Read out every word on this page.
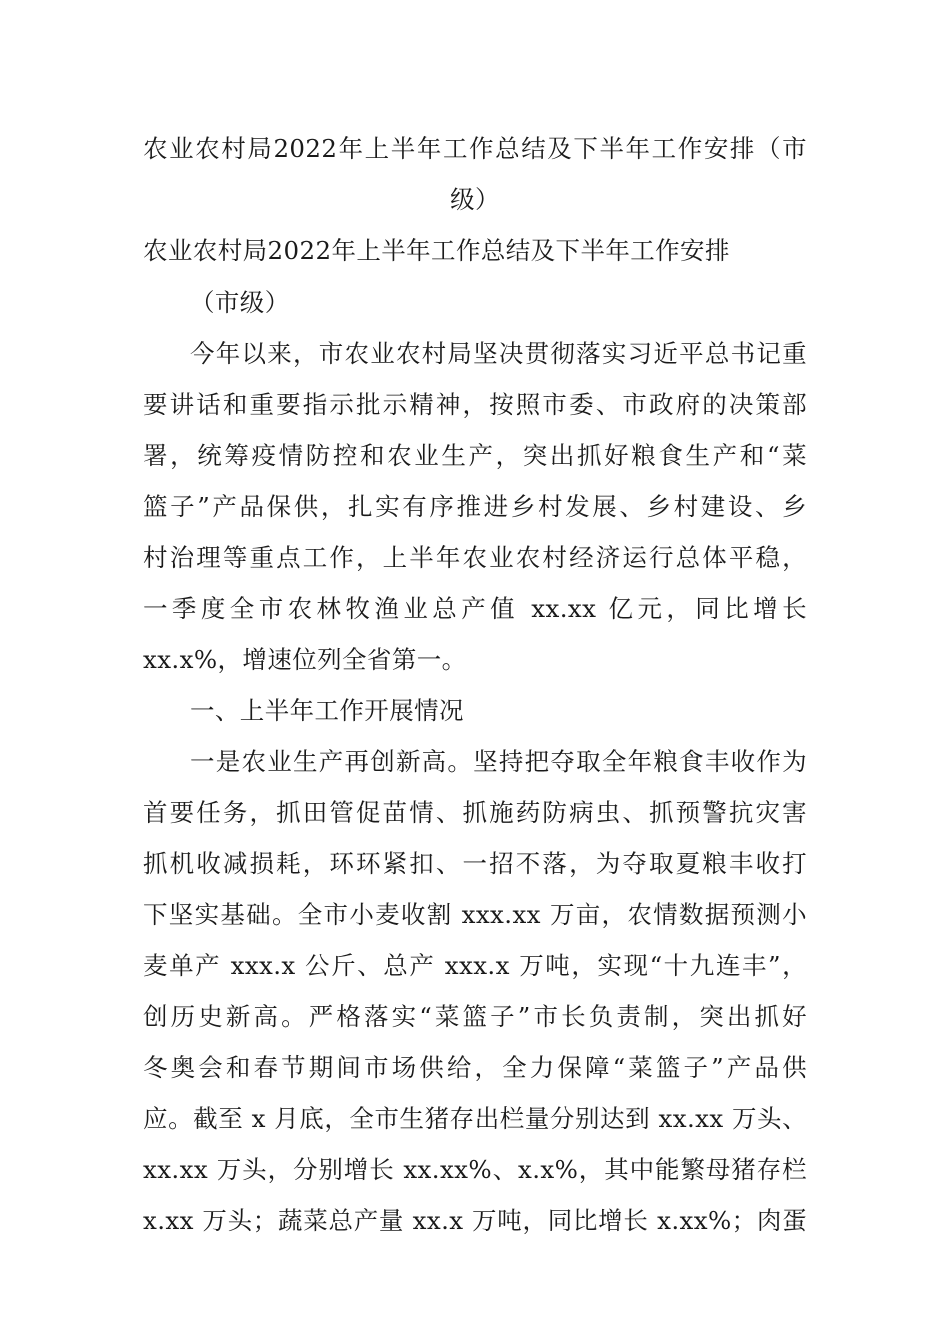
农业农村局2022年上半年工作总结及下半年工作安排（市
级）
农业农村局2022年上半年工作总结及下半年工作安排
（市级）
今年以来，市农业农村局坚决贯彻落实习近平总书记重
要讲话和重要指示批示精神，按照市委、市政府的决策部
署，统筹疫情防控和农业生产，突出抓好粮食生产和“菜
篮子”产品保供，扎实有序推进乡村发展、乡村建设、乡
村治理等重点工作，上半年农业农村经济运行总体平稳，
一季度全市农林牧渔业总产值 xx.xx 亿元，同比增长
xx.x%，增速位列全省第一。
一、上半年工作开展情况
一是农业生产再创新高。坚持把夺取全年粮食丰收作为
首要任务，抓田管促苗情、抓施药防病虫、抓预警抗灾害
抓机收减损耗，环环紧扣、一招不落，为夺取夏粮丰收打
下坚实基础。全市小麦收割 xxx.xx 万亩，农情数据预测小
麦单产 xxx.x 公斤、总产 xxx.x 万吨，实现“十九连丰”，
创历史新高。严格落实“菜篮子”市长负责制，突出抓好
冬奥会和春节期间市场供给，全力保障“菜篮子”产品供
应。截至 x 月底，全市生猪存出栏量分别达到 xx.xx 万头、
xx.xx 万头，分别增长 xx.xx%、x.x%，其中能繁母猪存栏
x.xx 万头；蔬菜总产量 xx.x 万吨，同比增长 x.xx%；肉蛋
